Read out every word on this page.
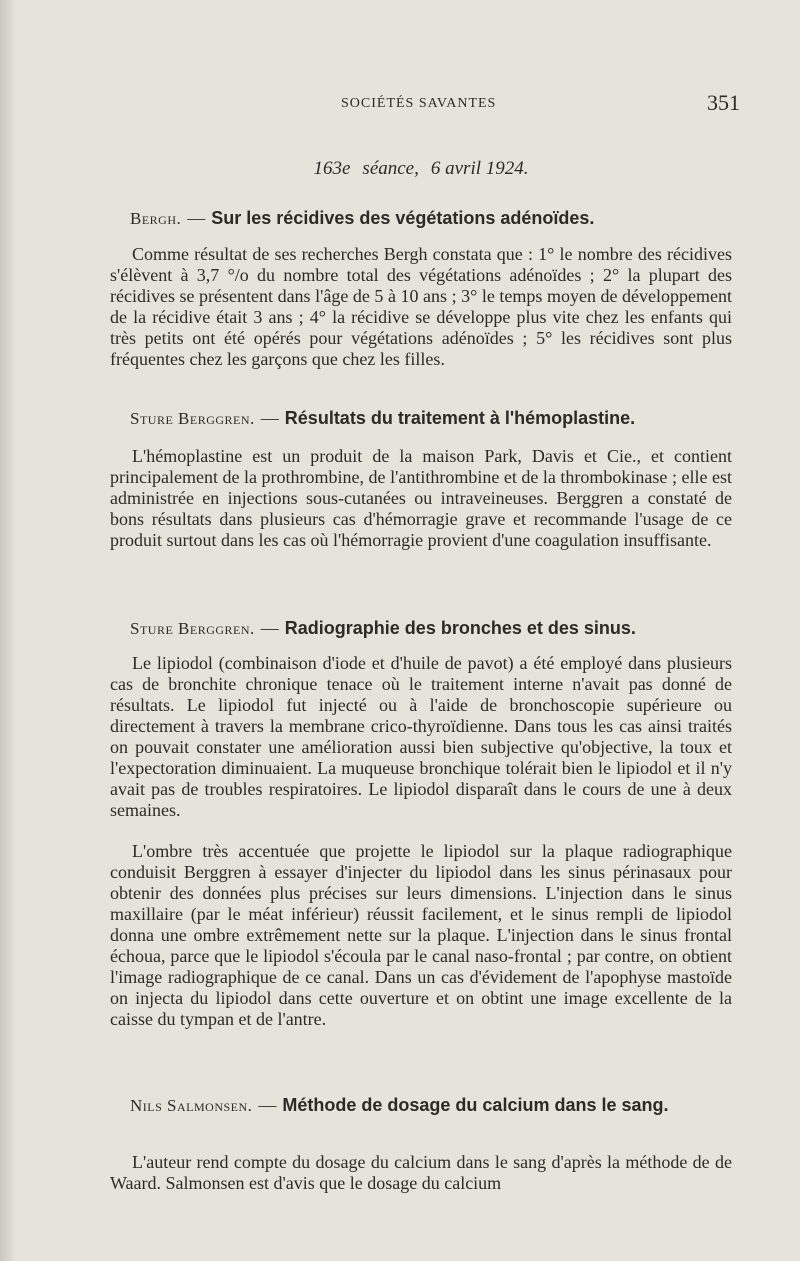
SOCIÉTÉS SAVANTES	351
163e séance, 6 avril 1924.
Bergh. — Sur les récidives des végétations adénoïdes.

Comme résultat de ses recherches Bergh constata que : 1° le nombre des récidives s'élèvent à 3,7 °/o du nombre total des végétations adénoïdes ; 2° la plupart des récidives se présentent dans l'âge de 5 à 10 ans ; 3° le temps moyen de développement de la récidive était 3 ans ; 4° la récidive se développe plus vite chez les enfants qui très petits ont été opérés pour végétations adénoïdes ; 5° les récidives sont plus fréquentes chez les garçons que chez les filles.

Sture Berggren. — Résultats du traitement à l'hémoplastine.

L'hémoplastine est un produit de la maison Park, Davis et Cie., et contient principalement de la prothrombine, de l'antithrombine et de la thrombokinase ; elle est administrée en injections sous-cutanées ou intraveineuses. Berggren a constaté de bons résultats dans plusieurs cas d'hémorragie grave et recommande l'usage de ce produit surtout dans les cas où l'hémorragie provient d'une coagulation insuffisante.

Sture Berggren. — Radiographie des bronches et des sinus.

Le lipiodol (combinaison d'iode et d'huile de pavot) a été employé dans plusieurs cas de bronchite chronique tenace où le traitement interne n'avait pas donné de résultats. Le lipiodol fut injecté ou à l'aide de bronchoscopie supérieure ou directement à travers la membrane crico-thyroïdienne. Dans tous les cas ainsi traités on pouvait constater une amélioration aussi bien subjective qu'objective, la toux et l'expectoration diminuaient. La muqueuse bronchique tolérait bien le lipiodol et il n'y avait pas de troubles respiratoires. Le lipiodol disparaît dans le cours de une à deux semaines.

L'ombre très accentuée que projette le lipiodol sur la plaque radiographique conduisit Berggren à essayer d'injecter du lipiodol dans les sinus périnasaux pour obtenir des données plus précises sur leurs dimensions. L'injection dans le sinus maxillaire (par le méat inférieur) réussit facilement, et le sinus rempli de lipiodol donna une ombre extrêmement nette sur la plaque. L'injection dans le sinus frontal échoua, parce que le lipiodol s'écoula par le canal naso-frontal ; par contre, on obtient l'image radiographique de ce canal. Dans un cas d'évidement de l'apophyse mastoïde on injecta du lipiodol dans cette ouverture et on obtint une image excellente de la caisse du tympan et de l'antre.

Nils Salmonsen. — Méthode de dosage du calcium dans le sang.

L'auteur rend compte du dosage du calcium dans le sang d'après la méthode de de Waard. Salmonsen est d'avis que le dosage du calcium
